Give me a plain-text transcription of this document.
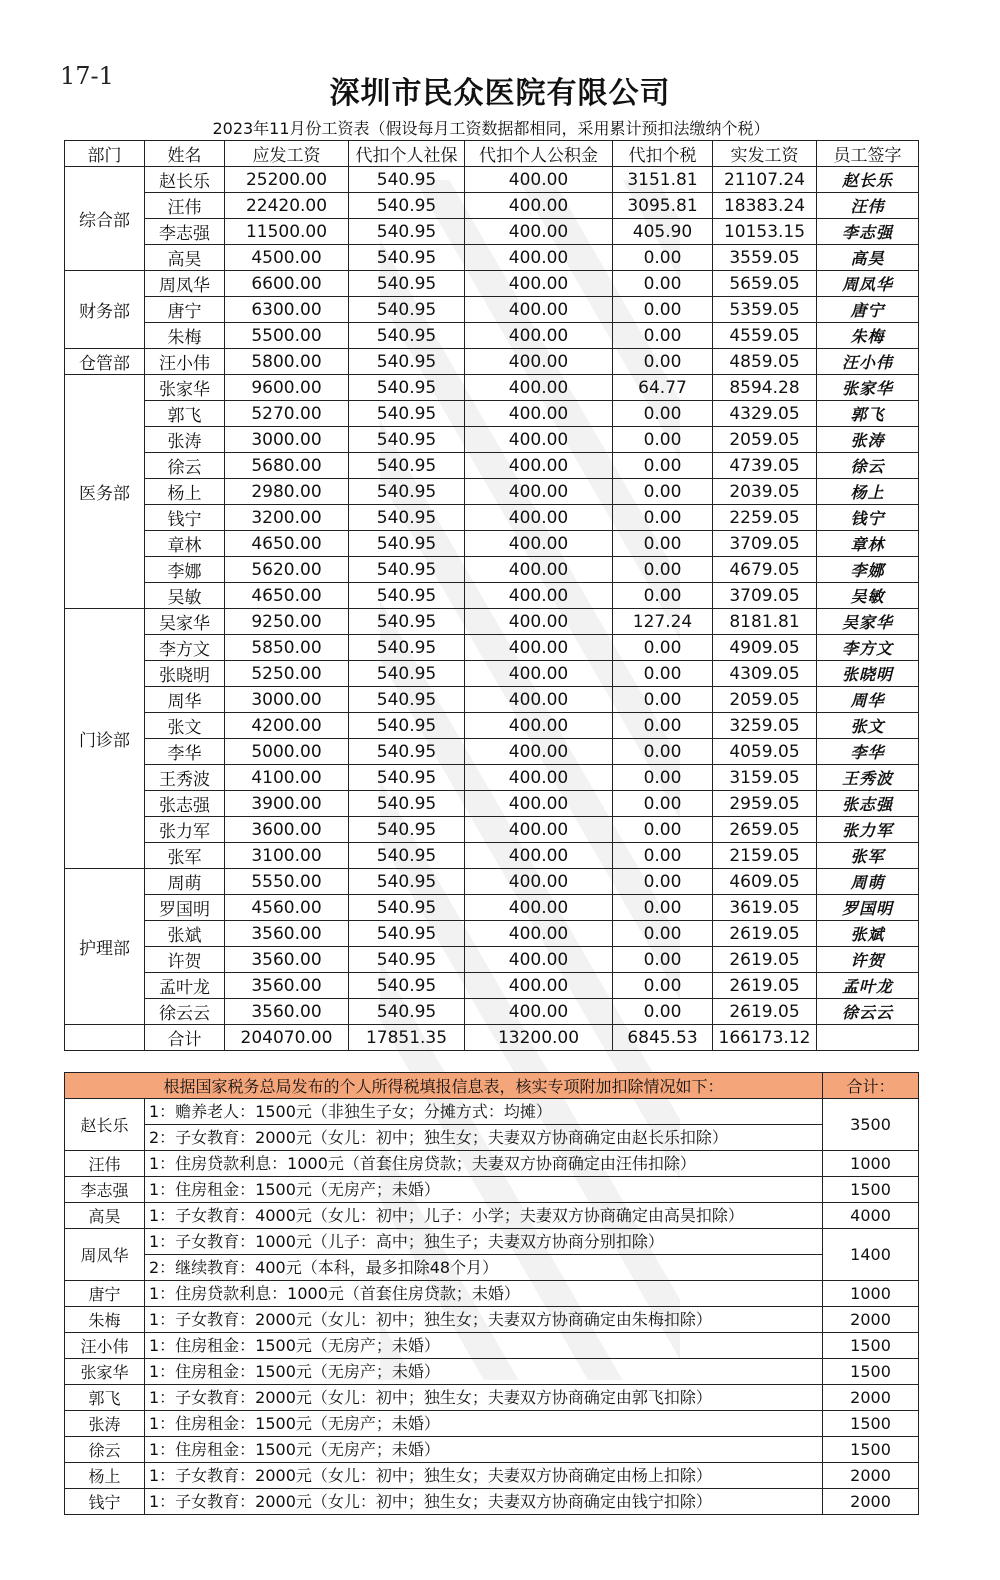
17-1	深圳市民众医院有限公司
2023年11月份工资表（假设每月工资数据都相同，采用累计预扣法缴纳个税）
部门	姓名	应发工资	代扣个人社保	代扣个人公积金	代扣个税	实发工资	员工签字
综合部	赵长乐	25200.00	540.95	400.00	3151.81	21107.24	赵长乐
	汪伟	22420.00	540.95	400.00	3095.81	18383.24	汪伟
	李志强	11500.00	540.95	400.00	405.90	10153.15	李志强
	高昊	4500.00	540.95	400.00	0.00	3559.05	高昊
财务部	周凤华	6600.00	540.95	400.00	0.00	5659.05	周凤华
	唐宁	6300.00	540.95	400.00	0.00	5359.05	唐宁
	朱梅	5500.00	540.95	400.00	0.00	4559.05	朱梅
仓管部	汪小伟	5800.00	540.95	400.00	0.00	4859.05	汪小伟
医务部	张家华	9600.00	540.95	400.00	64.77	8594.28	张家华
	郭飞	5270.00	540.95	400.00	0.00	4329.05	郭飞
	张涛	3000.00	540.95	400.00	0.00	2059.05	张涛
	徐云	5680.00	540.95	400.00	0.00	4739.05	徐云
	杨上	2980.00	540.95	400.00	0.00	2039.05	杨上
	钱宁	3200.00	540.95	400.00	0.00	2259.05	钱宁
	章林	4650.00	540.95	400.00	0.00	3709.05	章林
	李娜	5620.00	540.95	400.00	0.00	4679.05	李娜
	吴敏	4650.00	540.95	400.00	0.00	3709.05	吴敏
门诊部	吴家华	9250.00	540.95	400.00	127.24	8181.81	吴家华
	李方文	5850.00	540.95	400.00	0.00	4909.05	李方文
	张晓明	5250.00	540.95	400.00	0.00	4309.05	张晓明
	周华	3000.00	540.95	400.00	0.00	2059.05	周华
	张文	4200.00	540.95	400.00	0.00	3259.05	张文
	李华	5000.00	540.95	400.00	0.00	4059.05	李华
	王秀波	4100.00	540.95	400.00	0.00	3159.05	王秀波
	张志强	3900.00	540.95	400.00	0.00	2959.05	张志强
	张力军	3600.00	540.95	400.00	0.00	2659.05	张力军
	张军	3100.00	540.95	400.00	0.00	2159.05	张军
护理部	周萌	5550.00	540.95	400.00	0.00	4609.05	周萌
	罗国明	4560.00	540.95	400.00	0.00	3619.05	罗国明
	张斌	3560.00	540.95	400.00	0.00	2619.05	张斌
	许贺	3560.00	540.95	400.00	0.00	2619.05	许贺
	孟叶龙	3560.00	540.95	400.00	0.00	2619.05	孟叶龙
	徐云云	3560.00	540.95	400.00	0.00	2619.05	徐云云
	合计	204070.00	17851.35	13200.00	6845.53	166173.12	
根据国家税务总局发布的个人所得税填报信息表，核实专项附加扣除情况如下：		合计：
赵长乐	1：赡养老人：1500元（非独生子女；分摊方式：均摊）
2：子女教育：2000元（女儿：初中；独生女；夫妻双方协商确定由赵长乐扣除）	3500
汪伟	1：住房贷款利息：1000元（首套住房贷款；夫妻双方协商确定由汪伟扣除）	1000
李志强	1：住房租金：1500元（无房产；未婚）	1500
高昊	1：子女教育：4000元（女儿：初中；儿子：小学；夫妻双方协商确定由高昊扣除）	4000
周凤华	1：子女教育：1000元（儿子：高中；独生子；夫妻双方协商分别扣除）
2：继续教育：400元（本科，最多扣除48个月）	1400
唐宁	1：住房贷款利息：1000元（首套住房贷款；未婚）	1000
朱梅	1：子女教育：2000元（女儿：初中；独生女；夫妻双方协商确定由朱梅扣除）	2000
汪小伟	1：住房租金：1500元（无房产；未婚）	1500
张家华	1：住房租金：1500元（无房产；未婚）	1500
郭飞	1：子女教育：2000元（女儿：初中；独生女；夫妻双方协商确定由郭飞扣除）	2000
张涛	1：住房租金：1500元（无房产；未婚）	1500
徐云	1：住房租金：1500元（无房产；未婚）	1500
杨上	1：子女教育：2000元（女儿：初中；独生女；夫妻双方协商确定由杨上扣除）	2000
钱宁	1：子女教育：2000元（女儿：初中；独生女；夫妻双方协商确定由钱宁扣除）	2000
